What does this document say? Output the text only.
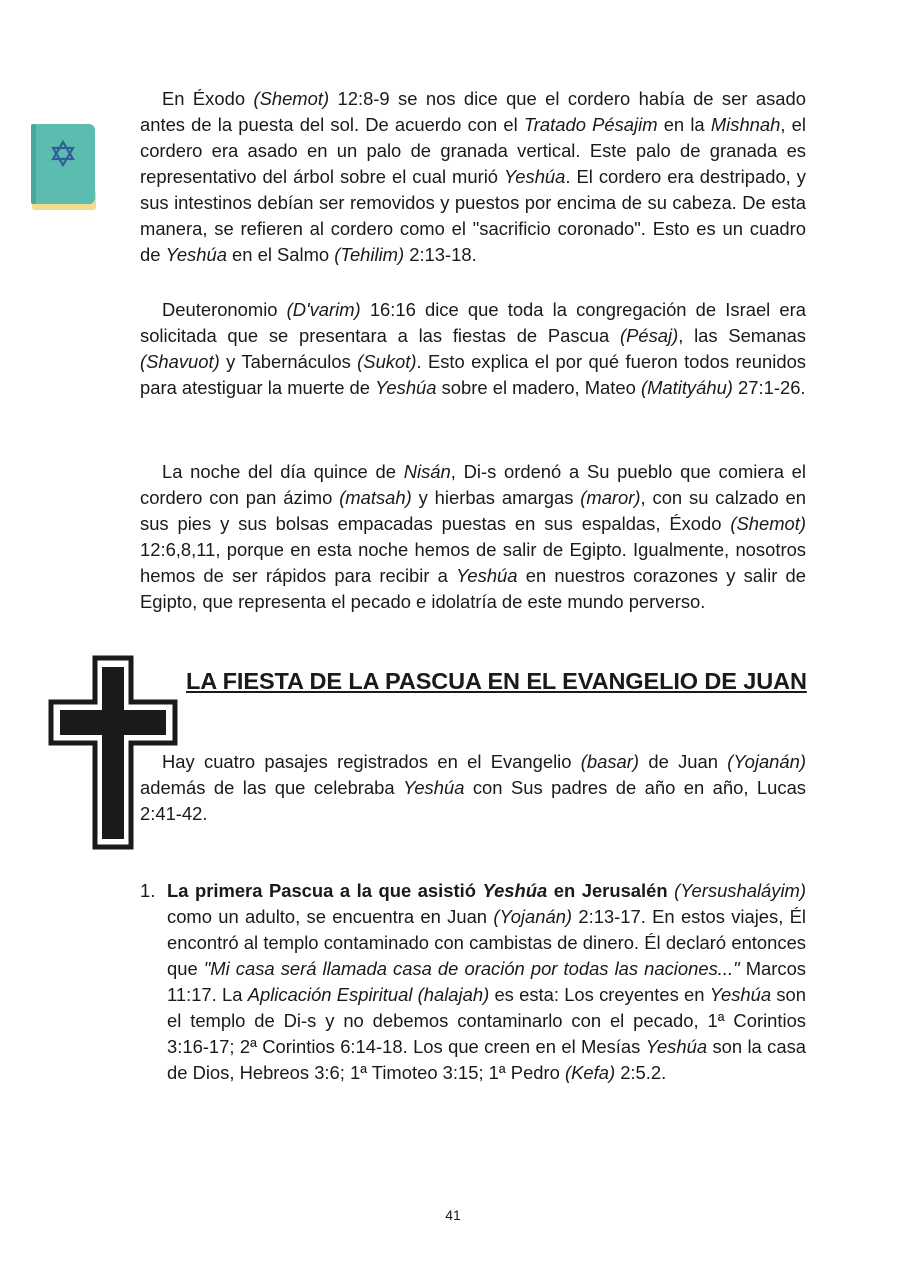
En Éxodo (Shemot) 12:8-9 se nos dice que el cordero había de ser asado antes de la puesta del sol. De acuerdo con el Tratado Pésajim en la Mishnah, el cordero era asado en un palo de granada vertical. Este palo de granada es representativo del árbol sobre el cual murió Yeshúa. El cordero era destripado, y sus intestinos debían ser removidos y puestos por encima de su cabeza. De esta manera, se refieren al cordero como el "sacrificio coronado". Esto es un cuadro de Yeshúa en el Salmo (Tehilim) 2:13-18.

Deuteronomio (D'varim) 16:16 dice que toda la congregación de Israel era solicitada que se presentara a las fiestas de Pascua (Pésaj), las Semanas (Shavuot) y Tabernáculos (Sukot). Esto explica el por qué fueron todos reunidos para atestiguar la muerte de Yeshúa sobre el madero, Mateo (Matityáhu) 27:1-26.

La noche del día quince de Nisán, Di-s ordenó a Su pueblo que comiera el cordero con pan ázimo (matsah) y hierbas amargas (maror), con su calzado en sus pies y sus bolsas empacadas puestas en sus espaldas, Éxodo (Shemot) 12:6,8,11, porque en esta noche hemos de salir de Egipto. Igualmente, nosotros hemos de ser rápidos para recibir a Yeshúa en nuestros corazones y salir de Egipto, que representa el pecado e idolatría de este mundo perverso.

LA FIESTA DE LA PASCUA EN EL EVANGELIO DE JUAN

Hay cuatro pasajes registrados en el Evangelio (basar) de Juan (Yojanán) además de las que celebraba Yeshúa con Sus padres de año en año, Lucas 2:41-42.

1. La primera Pascua a la que asistió Yeshúa en Jerusalén (Yersushaláyim) como un adulto, se encuentra en Juan (Yojanán) 2:13-17. En estos viajes, Él encontró al templo contaminado con cambistas de dinero. Él declaró entonces que "Mi casa será llamada casa de oración por todas las naciones..." Marcos 11:17. La Aplicación Espiritual (halajah) es esta: Los creyentes en Yeshúa son el templo de Di-s y no debemos contaminarlo con el pecado, 1ª Corintios 3:16-17; 2ª Corintios 6:14-18. Los que creen en el Mesías Yeshúa son la casa de Dios, Hebreos 3:6; 1ª Timoteo 3:15; 1ª Pedro (Kefa) 2:5.2.
41
